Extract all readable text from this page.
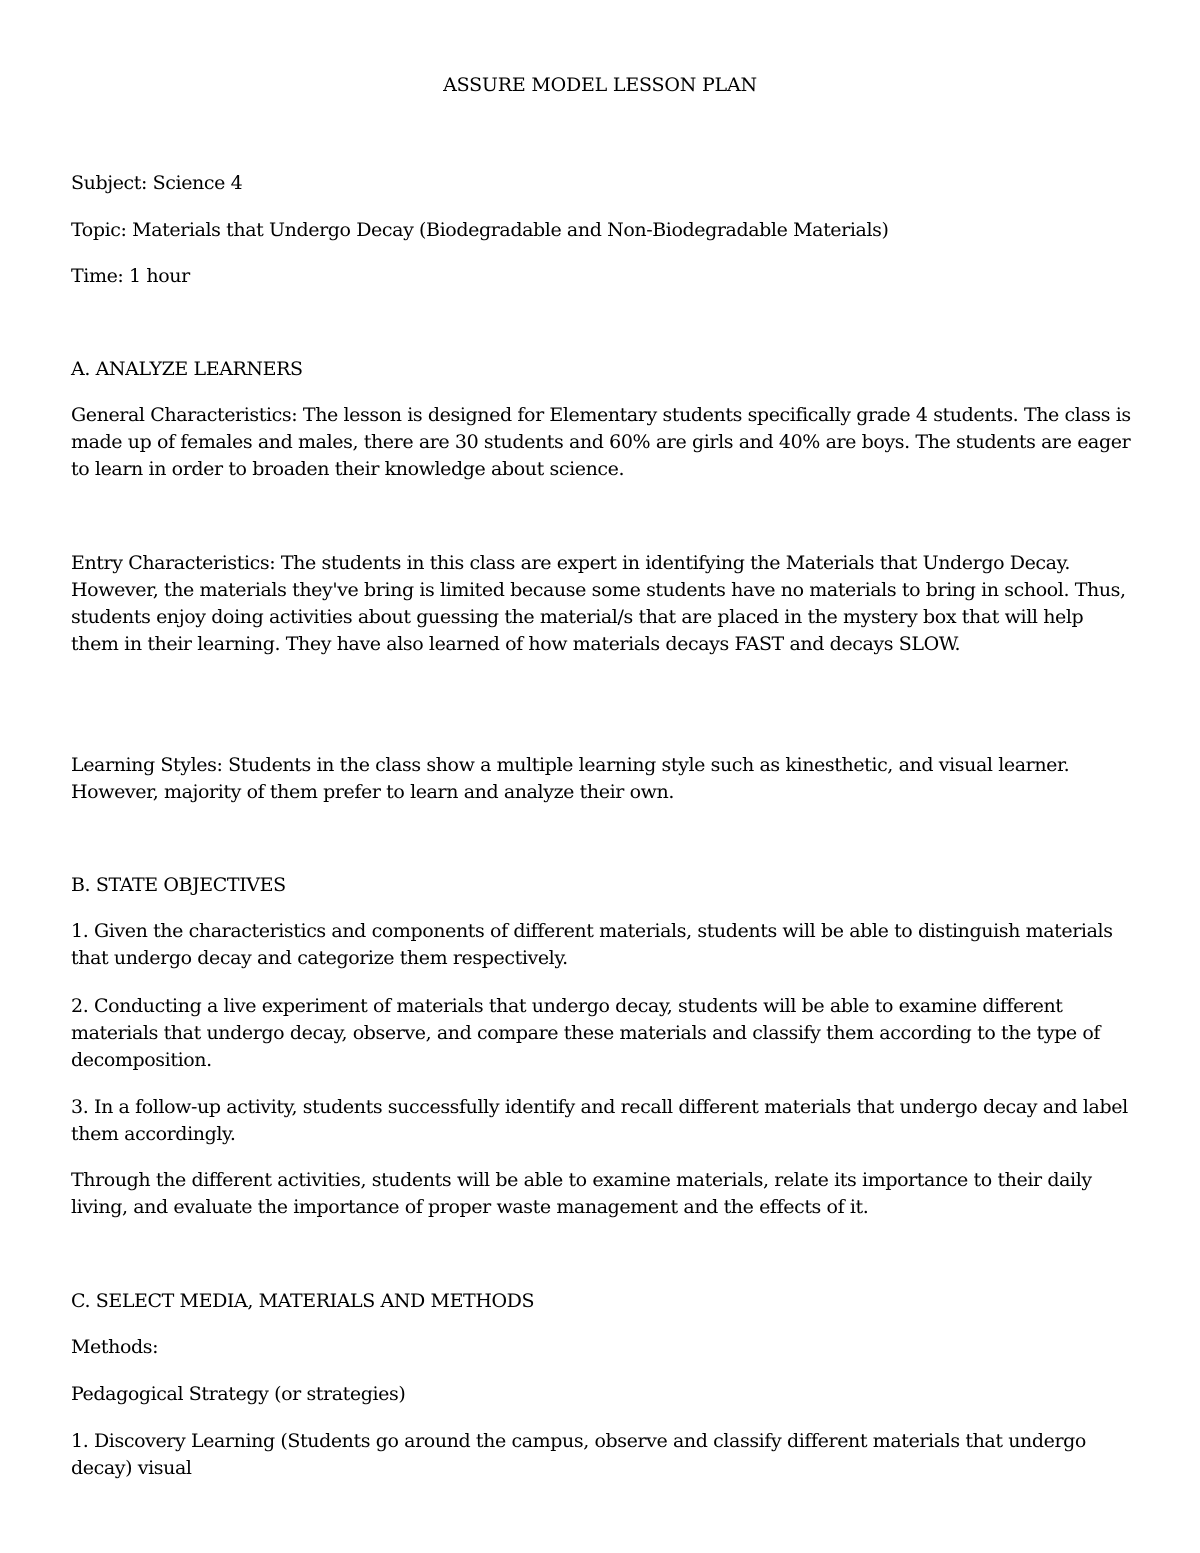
ASSURE MODEL LESSON PLAN

Subject: Science 4

Topic: Materials that Undergo Decay (Biodegradable and Non-Biodegradable Materials)

Time: 1 hour

A. ANALYZE LEARNERS

General Characteristics: The lesson is designed for Elementary students specifically grade 4 students. The class is made up of females and males, there are 30 students and 60% are girls and 40% are boys. The students are eager to learn in order to broaden their knowledge about science.

Entry Characteristics: The students in this class are expert in identifying the Materials that Undergo Decay. However, the materials they've bring is limited because some students have no materials to bring in school. Thus, students enjoy doing activities about guessing the material/s that are placed in the mystery box that will help them in their learning. They have also learned of how materials decays FAST and decays SLOW.

Learning Styles: Students in the class show a multiple learning style such as kinesthetic, and visual learner. However, majority of them prefer to learn and analyze their own.

B. STATE OBJECTIVES

1. Given the characteristics and components of different materials, students will be able to distinguish materials that undergo decay and categorize them respectively.

2. Conducting a live experiment of materials that undergo decay, students will be able to examine different materials that undergo decay, observe, and compare these materials and classify them according to the type of decomposition.

3. In a follow-up activity, students successfully identify and recall different materials that undergo decay and label them accordingly.

Through the different activities, students will be able to examine materials, relate its importance to their daily living, and evaluate the importance of proper waste management and the effects of it.

C. SELECT MEDIA, MATERIALS AND METHODS

Methods:

Pedagogical Strategy (or strategies)

1. Discovery Learning (Students go around the campus, observe and classify different materials that undergo decay) visual
